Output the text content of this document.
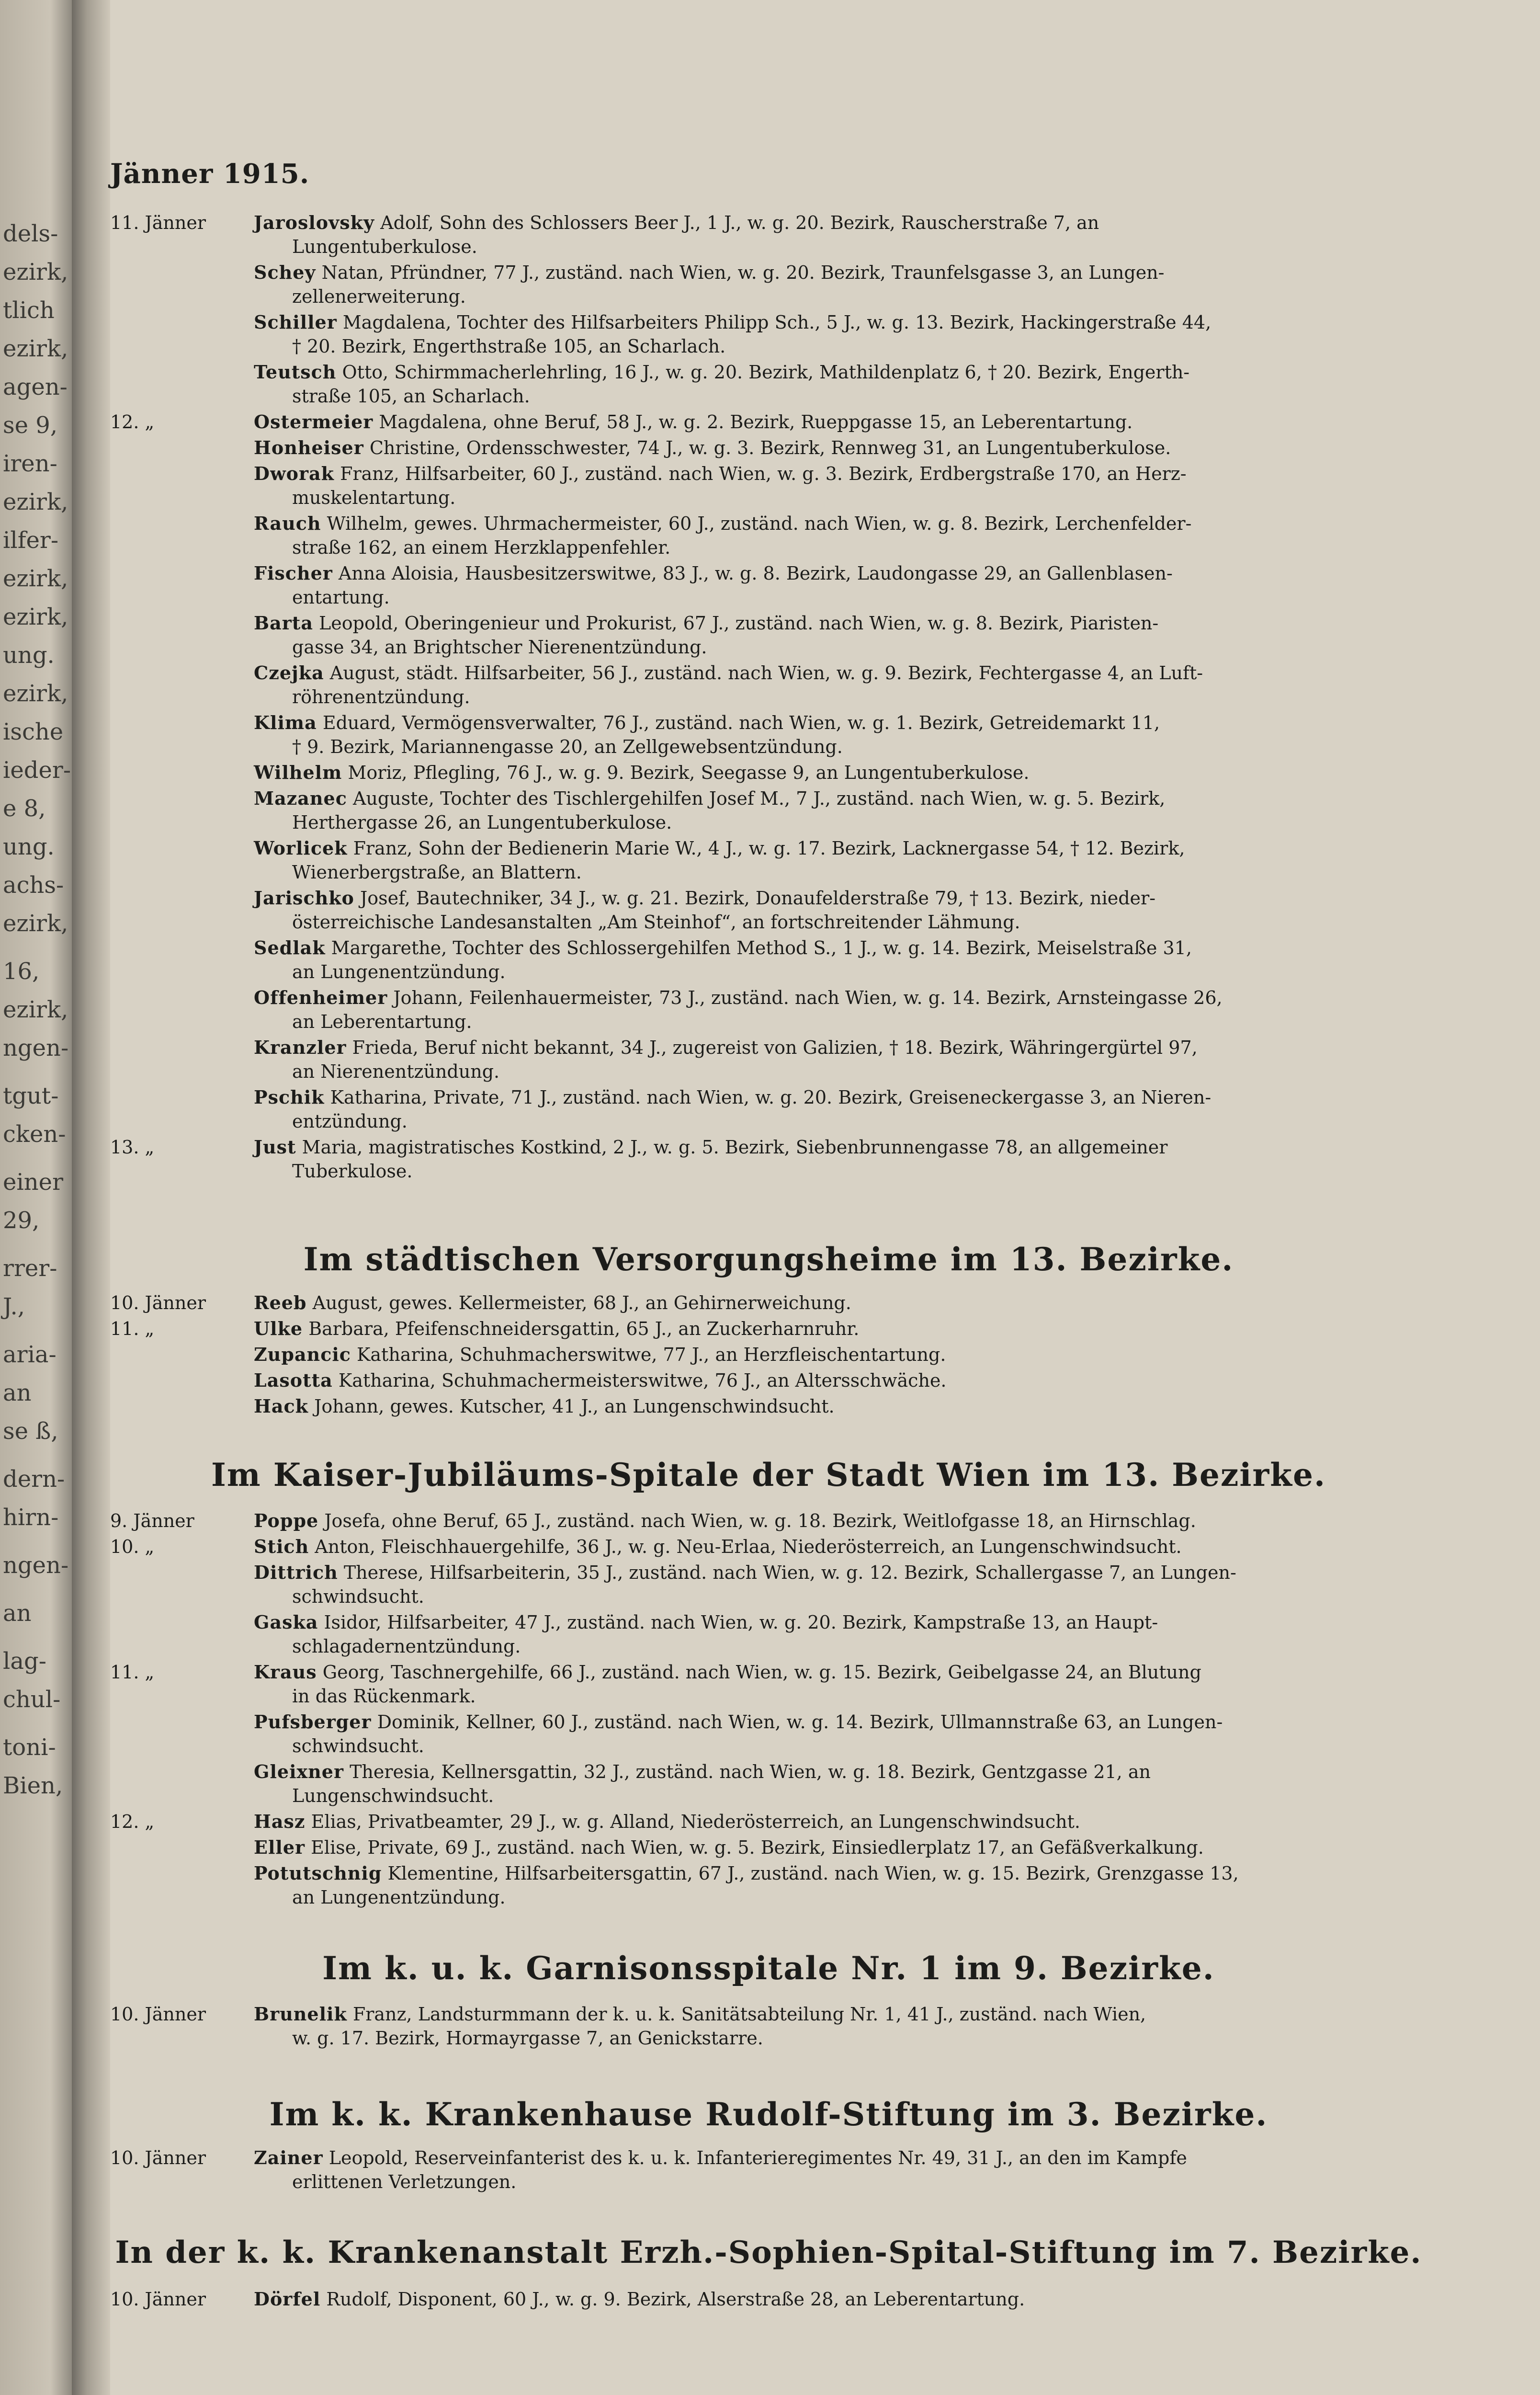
dels-
ezirk,
tlich
ezirk,
agen-
se 9,
iren-
ezirk,
ilfer-
ezirk,
ezirk,
ung.
ezirk,
ische
ieder-
e 8,
ung.
achs-
ezirk,
16,
ezirk,
ngen-
tgut-
cken-
einer
29,
rrer-
J.,
aria-
an
se ß,
dern-
hirn-
ngen-
an
lag-
chul-
toni-
Bien,
Jänner 1915.
11. Jänner	Jaroslovsky Adolf, Sohn des Schlossers Beer J., 1 J., w. g. 20. Bezirk, Rauscherstraße 7, an
Lungentuberkulose.
Schey Natan, Pfründner, 77 J., zuständ. nach Wien, w. g. 20. Bezirk, Traunfelsgasse 3, an Lungen-
zellenerweiterung.
Schiller Magdalena, Tochter des Hilfsarbeiters Philipp Sch., 5 J., w. g. 13. Bezirk, Hackingerstraße 44,
† 20. Bezirk, Engerthstraße 105, an Scharlach.
Teutsch Otto, Schirmmacherlehrling, 16 J., w. g. 20. Bezirk, Mathildenplatz 6, † 20. Bezirk, Engerth-
straße 105, an Scharlach.
12. „	Ostermeier Magdalena, ohne Beruf, 58 J., w. g. 2. Bezirk, Rueppgasse 15, an Leberentartung.
Honheiser Christine, Ordensschwester, 74 J., w. g. 3. Bezirk, Rennweg 31, an Lungentuberkulose.
Dworak Franz, Hilfsarbeiter, 60 J., zuständ. nach Wien, w. g. 3. Bezirk, Erdbergstraße 170, an Herz-
muskelentartung.
Rauch Wilhelm, gewes. Uhrmachermeister, 60 J., zuständ. nach Wien, w. g. 8. Bezirk, Lerchenfelder-
straße 162, an einem Herzklappenfehler.
Fischer Anna Aloisia, Hausbesitzerswitwe, 83 J., w. g. 8. Bezirk, Laudongasse 29, an Gallenblasen-
entartung.
Barta Leopold, Oberingenieur und Prokurist, 67 J., zuständ. nach Wien, w. g. 8. Bezirk, Piaristen-
gasse 34, an Brightscher Nierenentzündung.
Czejka August, städt. Hilfsarbeiter, 56 J., zuständ. nach Wien, w. g. 9. Bezirk, Fechtergasse 4, an Luft-
röhrenentzündung.
Klima Eduard, Vermögensverwalter, 76 J., zuständ. nach Wien, w. g. 1. Bezirk, Getreidemarkt 11,
† 9. Bezirk, Mariannengasse 20, an Zellgewebsentzündung.
Wilhelm Moriz, Pflegling, 76 J., w. g. 9. Bezirk, Seegasse 9, an Lungentuberkulose.
Mazanec Auguste, Tochter des Tischlergehilfen Josef M., 7 J., zuständ. nach Wien, w. g. 5. Bezirk,
Herthergasse 26, an Lungentuberkulose.
Worlicek Franz, Sohn der Bedienerin Marie W., 4 J., w. g. 17. Bezirk, Lacknergasse 54, † 12. Bezirk,
Wienerbergstraße, an Blattern.
Jarischko Josef, Bautechniker, 34 J., w. g. 21. Bezirk, Donaufelderstraße 79, † 13. Bezirk, nieder-
österreichische Landesanstalten „Am Steinhof“, an fortschreitender Lähmung.
Sedlak Margarethe, Tochter des Schlossergehilfen Method S., 1 J., w. g. 14. Bezirk, Meiselstraße 31,
an Lungenentzündung.
Offenheimer Johann, Feilenhauermeister, 73 J., zuständ. nach Wien, w. g. 14. Bezirk, Arnsteingasse 26,
an Leberentartung.
Kranzler Frieda, Beruf nicht bekannt, 34 J., zugereist von Galizien, † 18. Bezirk, Währingergürtel 97,
an Nierenentzündung.
Pschik Katharina, Private, 71 J., zuständ. nach Wien, w. g. 20. Bezirk, Greiseneckergasse 3, an Nieren-
entzündung.
13. „	Just Maria, magistratisches Kostkind, 2 J., w. g. 5. Bezirk, Siebenbrunnengasse 78, an allgemeiner
Tuberkulose.
Im städtischen Versorgungsheime im 13. Bezirke.
10. Jänner	Reeb August, gewes. Kellermeister, 68 J., an Gehirnerweichung.
11. „	Ulke Barbara, Pfeifenschneidersgattin, 65 J., an Zuckerharnruhr.
Zupancic Katharina, Schuhmacherswitwe, 77 J., an Herzfleischentartung.
Lasotta Katharina, Schuhmachermeisterswitwe, 76 J., an Altersschwäche.
Hack Johann, gewes. Kutscher, 41 J., an Lungenschwindsucht.
Im Kaiser-Jubiläums-Spitale der Stadt Wien im 13. Bezirke.
9. Jänner	Poppe Josefa, ohne Beruf, 65 J., zuständ. nach Wien, w. g. 18. Bezirk, Weitlofgasse 18, an Hirnschlag.
10. „	Stich Anton, Fleischhauergehilfe, 36 J., w. g. Neu-Erlaa, Niederösterreich, an Lungenschwindsucht.
Dittrich Therese, Hilfsarbeiterin, 35 J., zuständ. nach Wien, w. g. 12. Bezirk, Schallergasse 7, an Lungen-
schwindsucht.
Gaska Isidor, Hilfsarbeiter, 47 J., zuständ. nach Wien, w. g. 20. Bezirk, Kampstraße 13, an Haupt-
schlagadernentzündung.
11. „	Kraus Georg, Taschnergehilfe, 66 J., zuständ. nach Wien, w. g. 15. Bezirk, Geibelgasse 24, an Blutung
in das Rückenmark.
Pufsberger Dominik, Kellner, 60 J., zuständ. nach Wien, w. g. 14. Bezirk, Ullmannstraße 63, an Lungen-
schwindsucht.
Gleixner Theresia, Kellnersgattin, 32 J., zuständ. nach Wien, w. g. 18. Bezirk, Gentzgasse 21, an
Lungenschwindsucht.
12. „	Hasz Elias, Privatbeamter, 29 J., w. g. Alland, Niederösterreich, an Lungenschwindsucht.
Eller Elise, Private, 69 J., zuständ. nach Wien, w. g. 5. Bezirk, Einsiedlerplatz 17, an Gefäßverkalkung.
Potutschnig Klementine, Hilfsarbeitersgattin, 67 J., zuständ. nach Wien, w. g. 15. Bezirk, Grenzgasse 13,
an Lungenentzündung.
Im k. u. k. Garnisonsspitale Nr. 1 im 9. Bezirke.
10. Jänner	Brunelik Franz, Landsturmmann der k. u. k. Sanitätsabteilung Nr. 1, 41 J., zuständ. nach Wien,
w. g. 17. Bezirk, Hormayrgasse 7, an Genickstarre.
Im k. k. Krankenhause Rudolf-Stiftung im 3. Bezirke.
10. Jänner	Zainer Leopold, Reserveinfanterist des k. u. k. Infanterieregimentes Nr. 49, 31 J., an den im Kampfe
erlittenen Verletzungen.
In der k. k. Krankenanstalt Erzh.-Sophien-Spital-Stiftung im 7. Bezirke.
10. Jänner	Dörfel Rudolf, Disponent, 60 J., w. g. 9. Bezirk, Alserstraße 28, an Leberentartung.
